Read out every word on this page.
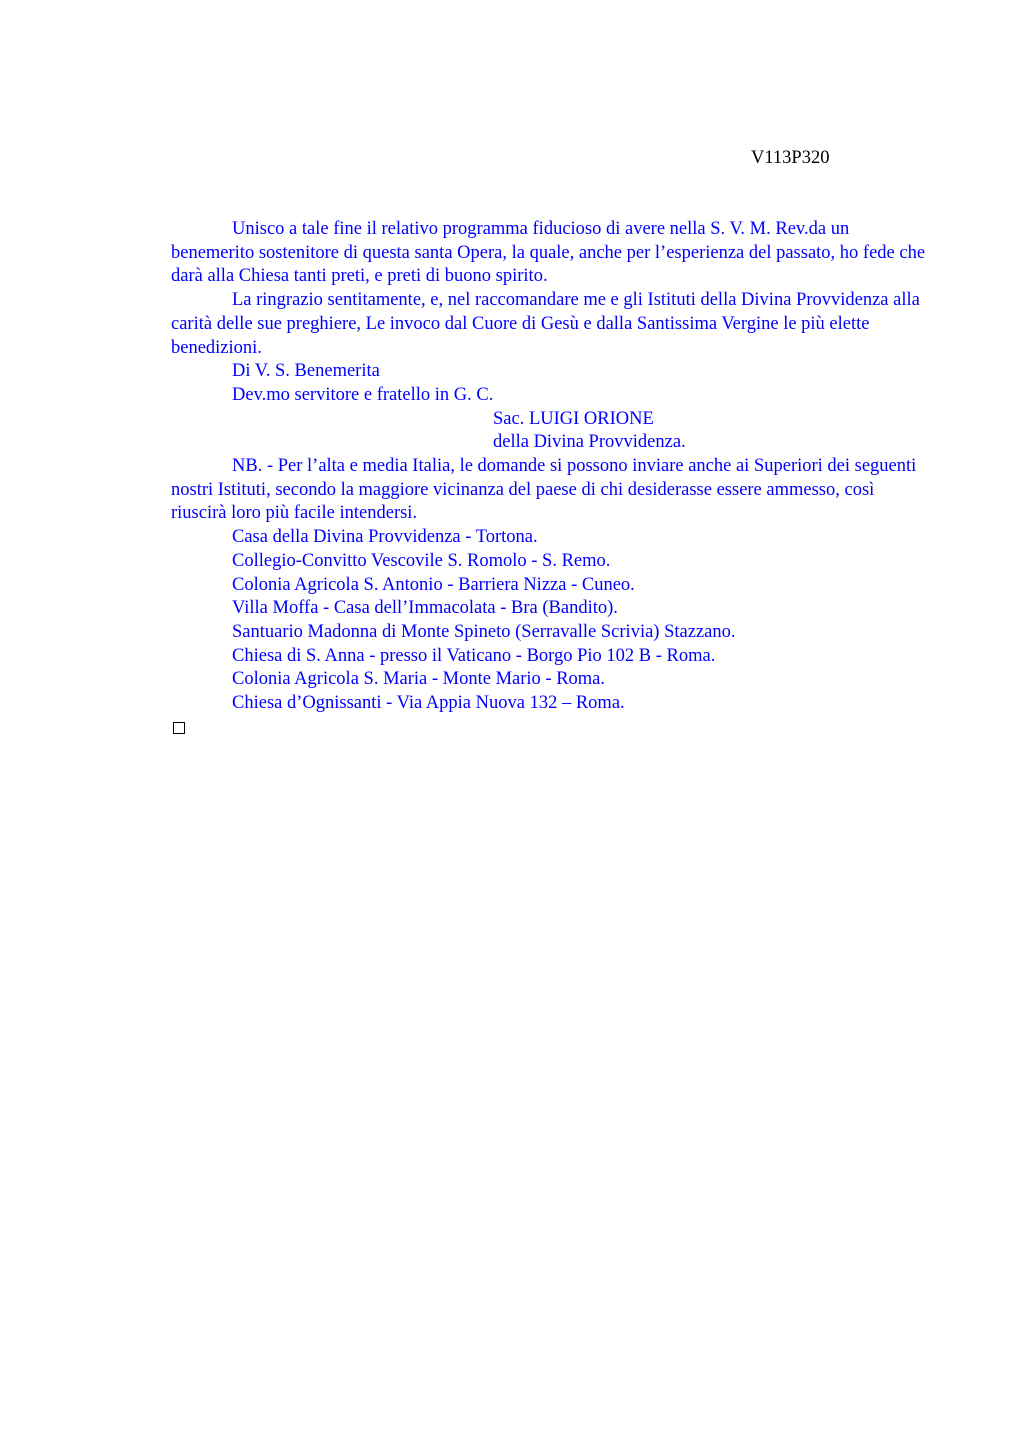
V113P320

Unisco a tale fine il relativo programma fiducioso di avere nella S. V. M. Rev.da un benemerito sostenitore di questa santa Opera, la quale, anche per l’esperienza del passato, ho fede che darà alla Chiesa tanti preti, e preti di buono spirito.

La ringrazio sentitamente, e, nel raccomandare me e gli Istituti della Divina Provvidenza alla carità delle sue preghiere, Le invoco dal Cuore di Gesù e dalla Santissima Vergine le più elette benedizioni.

Di V. S. Benemerita

Dev.mo servitore e fratello in G. C.

Sac. LUIGI ORIONE

della Divina Provvidenza.

NB. - Per l’alta e media Italia, le domande si possono inviare anche ai Superiori dei seguenti nostri Istituti, secondo la maggiore vicinanza del paese di chi desiderasse essere ammesso, così riuscirà loro più facile intendersi.

Casa della Divina Provvidenza - Tortona.
Collegio-Convitto Vescovile S. Romolo - S. Remo.
Colonia Agricola S. Antonio - Barriera Nizza - Cuneo.
Villa Moffa - Casa dell’Immacolata - Bra (Bandito).
Santuario Madonna di Monte Spineto (Serravalle Scrivia) Stazzano.
Chiesa di S. Anna - presso il Vaticano - Borgo Pio 102 B - Roma.
Colonia Agricola S. Maria - Monte Mario - Roma.
Chiesa d’Ognissanti - Via Appia Nuova 132 – Roma.
